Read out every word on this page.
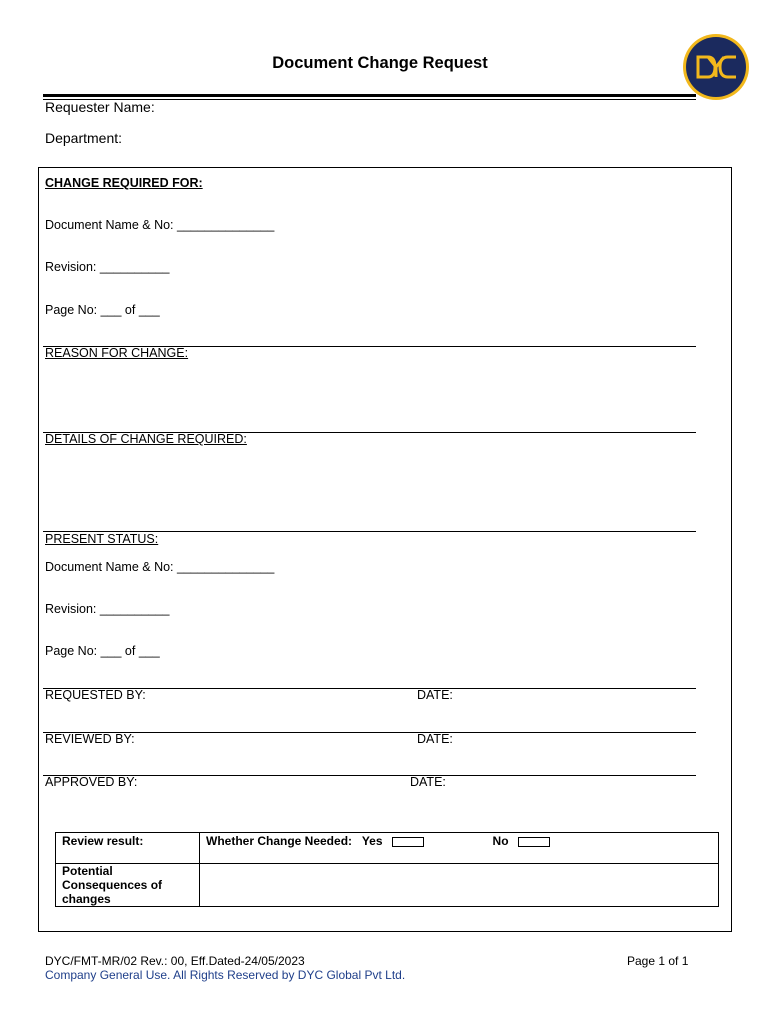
Document Change Request
Requester Name:
Department:
CHANGE REQUIRED FOR:
Document Name & No: ______________
Revision: __________
Page No: ___ of ___
REASON FOR CHANGE:
DETAILS OF CHANGE REQUIRED:
PRESENT STATUS:
Document Name & No: ______________
Revision: __________
Page No: ___ of ___
REQUESTED BY:	DATE:
REVIEWED BY:	DATE:
APPROVED BY:	DATE:
Review result:	Whether Change Needed: Yes No

Potential
Consequences of
changes	

DYC/FMT-MR/02 Rev.: 00, Eff.Dated-24/05/2023
Company General Use. All Rights Reserved by DYC Global Pvt Ltd.
Page 1 of 1
